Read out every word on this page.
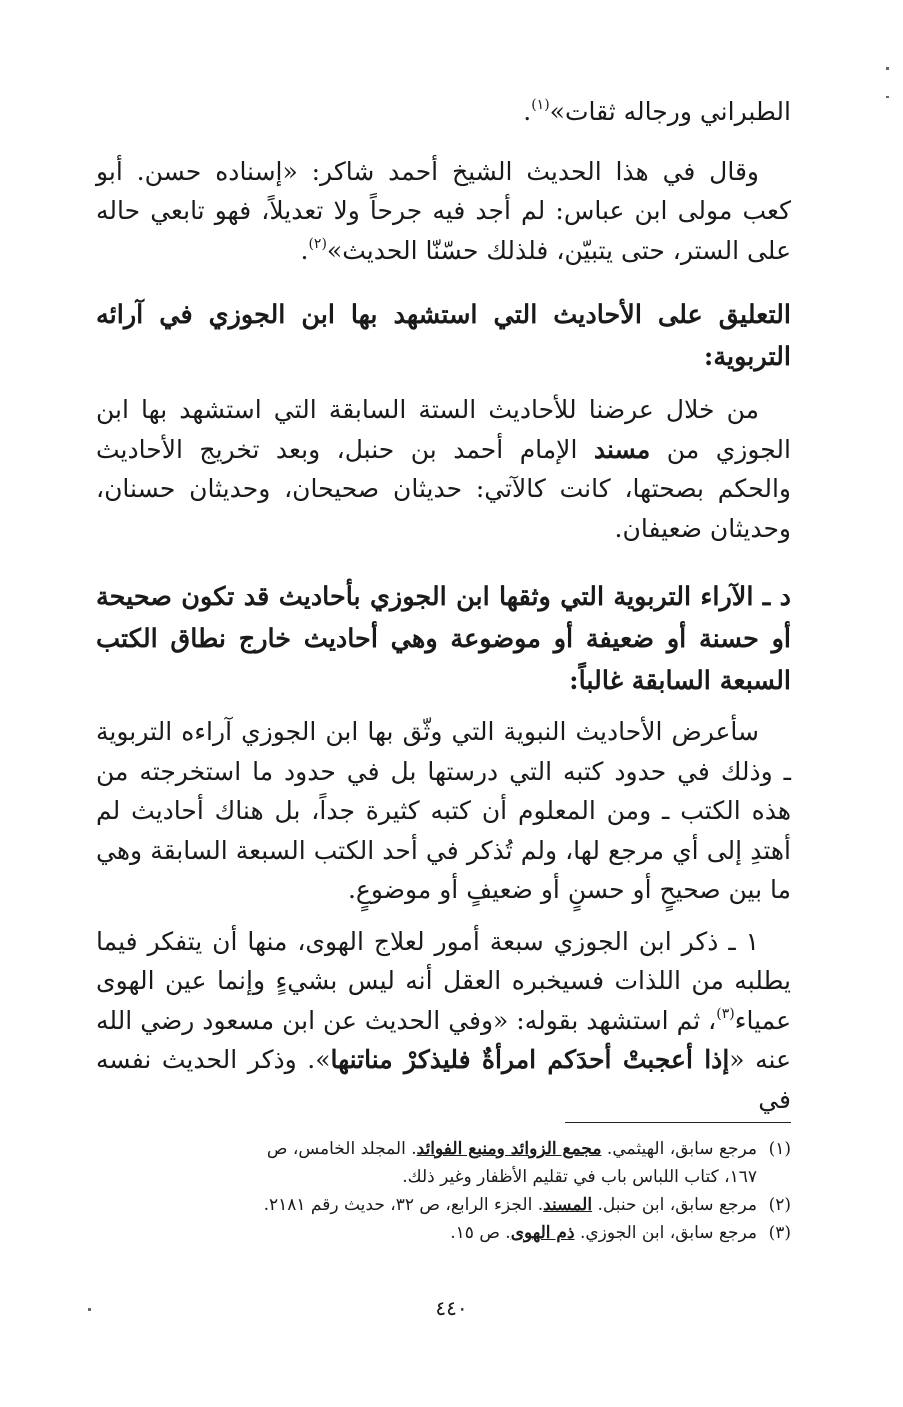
الطبراني ورجاله ثقات»$^{(١)}$.

وقال في هذا الحديث الشيخ أحمد شاكر: «إسناده حسن. أبو كعب مولى ابن عباس: لم أجد فيه جرحاً ولا تعديلاً، فهو تابعي حاله على الستر، حتى يتبيّن، فلذلك حسّنّا الحديث»$^{(٢)}$.

التعليق على الأحاديث التي استشهد بها ابن الجوزي في آرائه التربوية:

من خلال عرضنا للأحاديث الستة السابقة التي استشهد بها ابن الجوزي من مسند الإمام أحمد بن حنبل، وبعد تخريج الأحاديث والحكم بصحتها، كانت كالآتي: حديثان صحيحان، وحديثان حسنان، وحديثان ضعيفان.

د ـ الآراء التربوية التي وثقها ابن الجوزي بأحاديث قد تكون صحيحة أو حسنة أو ضعيفة أو موضوعة وهي أحاديث خارج نطاق الكتب السبعة السابقة غالباً:

سأعرض الأحاديث النبوية التي وثّق بها ابن الجوزي آراءه التربوية ـ وذلك في حدود كتبه التي درستها بل في حدود ما استخرجته من هذه الكتب ـ ومن المعلوم أن كتبه كثيرة جداً، بل هناك أحاديث لم أهتدِ إلى أي مرجع لها، ولم تُذكر في أحد الكتب السبعة السابقة وهي ما بين صحيحٍ أو حسنٍ أو ضعيفٍ أو موضوعٍ.

١ ـ ذكر ابن الجوزي سبعة أمور لعلاج الهوى، منها أن يتفكر فيما يطلبه من اللذات فسيخبره العقل أنه ليس بشيءٍ وإنما عين الهوى عمياء$^{(٣)}$، ثم استشهد بقوله: «وفي الحديث عن ابن مسعود رضي الله عنه «إذا أعجبتْ أحدَكم امرأةٌ فليذكرْ مناتنها». وذكر الحديث نفسه في

(١)مرجع سابق، الهيثمي. مجمع الزوائد ومنبع الفوائد. المجلد الخامس، ص

١٦٧، كتاب اللباس باب في تقليم الأظفار وغير ذلك.

(٢)مرجع سابق، ابن حنبل. المسند. الجزء الرابع، ص ٣٢، حديث رقم ٢١٨١.

(٣)مرجع سابق، ابن الجوزي. ذم الهوى. ص ١٥.

٤٤٠
